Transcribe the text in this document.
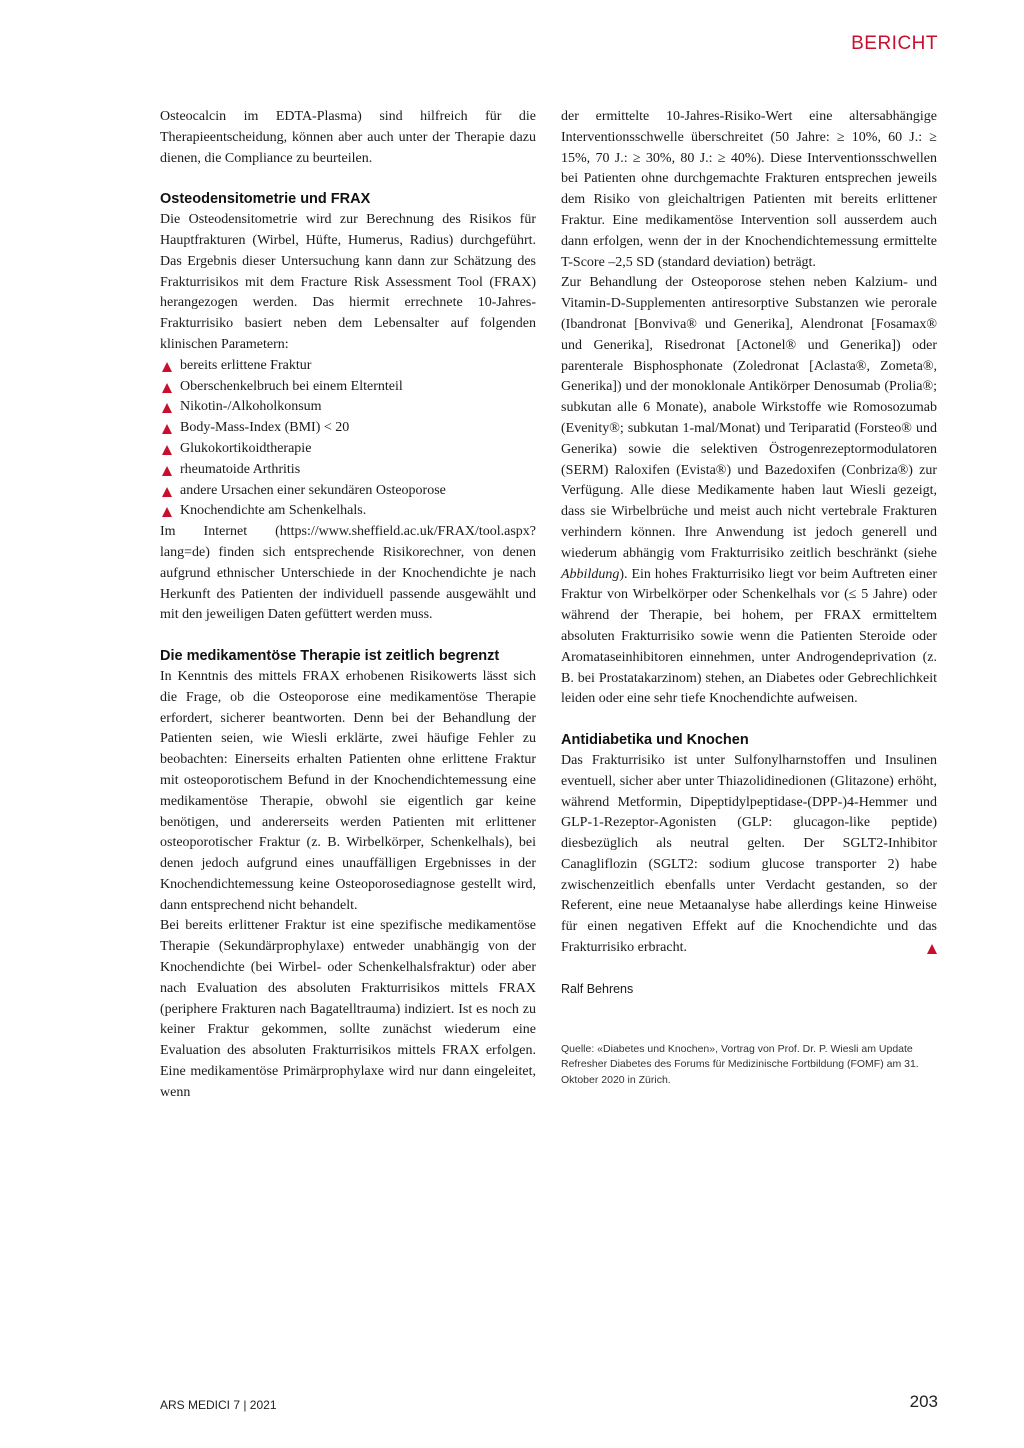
BERICHT

Osteocalcin im EDTA-Plasma) sind hilfreich für die Therapieentscheidung, können aber auch unter der Therapie dazu dienen, die Compliance zu beurteilen.

Osteodensitometrie und FRAX

Die Osteodensitometrie wird zur Berechnung des Risikos für Hauptfrakturen (Wirbel, Hüfte, Humerus, Radius) durchgeführt. Das Ergebnis dieser Untersuchung kann dann zur Schätzung des Frakturrisikos mit dem Fracture Risk Assessment Tool (FRAX) herangezogen werden. Das hiermit errechnete 10-Jahres-Frakturrisiko basiert neben dem Lebensalter auf folgenden klinischen Parametern:

bereits erlittene Fraktur
Oberschenkelbruch bei einem Elternteil
Nikotin-/Alkoholkonsum
Body-Mass-Index (BMI) < 20
Glukokortikoidtherapie
rheumatoide Arthritis
andere Ursachen einer sekundären Osteoporose
Knochendichte am Schenkelhals.

Im Internet (https://www.sheffield.ac.uk/FRAX/tool.aspx?lang=de) finden sich entsprechende Risikorechner, von denen aufgrund ethnischer Unterschiede in der Knochendichte je nach Herkunft des Patienten der individuell passende ausgewählt und mit den jeweiligen Daten gefüttert werden muss.

Die medikamentöse Therapie ist zeitlich begrenzt

In Kenntnis des mittels FRAX erhobenen Risikowerts lässt sich die Frage, ob die Osteoporose eine medikamentöse Therapie erfordert, sicherer beantworten. Denn bei der Behandlung der Patienten seien, wie Wiesli erklärte, zwei häufige Fehler zu beobachten: Einerseits erhalten Patienten ohne erlittene Fraktur mit osteoporotischem Befund in der Knochendichtemessung eine medikamentöse Therapie, obwohl sie eigentlich gar keine benötigen, und andererseits werden Patienten mit erlittener osteoporotischer Fraktur (z. B. Wirbelkörper, Schenkelhals), bei denen jedoch aufgrund eines unauffälligen Ergebnisses in der Knochendichtemessung keine Osteoporosediagnose gestellt wird, dann entsprechend nicht behandelt.

Bei bereits erlittener Fraktur ist eine spezifische medikamentöse Therapie (Sekundärprophylaxe) entweder unabhängig von der Knochendichte (bei Wirbel- oder Schenkelhalsfraktur) oder aber nach Evaluation des absoluten Frakturrisikos mittels FRAX (periphere Frakturen nach Bagatelltrauma) indiziert. Ist es noch zu keiner Fraktur gekommen, sollte zunächst wiederum eine Evaluation des absoluten Frakturrisikos mittels FRAX erfolgen. Eine medikamentöse Primärprophylaxe wird nur dann eingeleitet, wenn

der ermittelte 10-Jahres-Risiko-Wert eine altersabhängige Interventionsschwelle überschreitet (50 Jahre: ≥ 10%, 60 J.: ≥ 15%, 70 J.: ≥ 30%, 80 J.: ≥ 40%). Diese Interventionsschwellen bei Patienten ohne durchgemachte Frakturen entsprechen jeweils dem Risiko von gleichaltrigen Patienten mit bereits erlittener Fraktur. Eine medikamentöse Intervention soll ausserdem auch dann erfolgen, wenn der in der Knochendichtemessung ermittelte T-Score –2,5 SD (standard deviation) beträgt.

Zur Behandlung der Osteoporose stehen neben Kalzium- und Vitamin-D-Supplementen antiresorptive Substanzen wie perorale (Ibandronat [Bonviva® und Generika], Alendronat [Fosamax® und Generika], Risedronat [Actonel® und Generika]) oder parenterale Bisphosphonate (Zoledronat [Aclasta®, Zometa®, Generika]) und der monoklonale Antikörper Denosumab (Prolia®; subkutan alle 6 Monate), anabole Wirkstoffe wie Romosozumab (Evenity®; subkutan 1-mal/Monat) und Teriparatid (Forsteo® und Generika) sowie die selektiven Östrogenrezeptormodulatoren (SERM) Raloxifen (Evista®) und Bazedoxifen (Conbriza®) zur Verfügung. Alle diese Medikamente haben laut Wiesli gezeigt, dass sie Wirbelbrüche und meist auch nicht vertebrale Frakturen verhindern können. Ihre Anwendung ist jedoch generell und wiederum abhängig vom Frakturrisiko zeitlich beschränkt (siehe Abbildung). Ein hohes Frakturrisiko liegt vor beim Auftreten einer Fraktur von Wirbelkörper oder Schenkelhals vor (≤ 5 Jahre) oder während der Therapie, bei hohem, per FRAX ermitteltem absoluten Frakturrisiko sowie wenn die Patienten Steroide oder Aromataseinhibitoren einnehmen, unter Androgendeprivation (z. B. bei Prostatakarzinom) stehen, an Diabetes oder Gebrechlichkeit leiden oder eine sehr tiefe Knochendichte aufweisen.

Antidiabetika und Knochen

Das Frakturrisiko ist unter Sulfonylharnstoffen und Insulinen eventuell, sicher aber unter Thiazolidinedionen (Glitazone) erhöht, während Metformin, Dipeptidylpeptidase-(DPP-)4-Hemmer und GLP-1-Rezeptor-Agonisten (GLP: glucagon-like peptide) diesbezüglich als neutral gelten. Der SGLT2-Inhibitor Canagliflozin (SGLT2: sodium glucose transporter 2) habe zwischenzeitlich ebenfalls unter Verdacht gestanden, so der Referent, eine neue Metaanalyse habe allerdings keine Hinweise für einen negativen Effekt auf die Knochendichte und das Frakturrisiko erbracht.

Ralf Behrens
Quelle: «Diabetes und Knochen», Vortrag von Prof. Dr. P. Wiesli am Update Refresher Diabetes des Forums für Medizinische Fortbildung (FOMF) am 31. Oktober 2020 in Zürich.
ARS MEDICI 7 | 2021	203
